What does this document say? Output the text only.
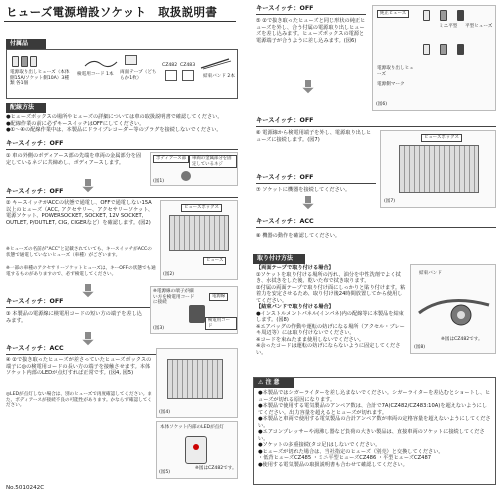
ヒューズ電源増設ソケット　取扱説明書
付属品
電源取り出しヒューズ（本体側15A/ソケット側10A）3種類 各1個
検電用コード 1本	両面テープ（どちらか1枚）
CZ482 CZ483
結束バンド 2本
配線方法
●ヒューズボックスの場所やヒューズの詳細については車の取扱説明書で確認してください。
●配線作業の前に必ずキースイッチはOFFにしてください。
●①～④の配線作業中は、本製品にドライブレコーダー等のプラグを接続しないでください。
キースイッチ：OFF
① 車の外側のボディアース部の先端を車両の金属部分を固定しているネジに共締めし、ボディアースします。
ボディアース部	車両の金属部分を固定しているネジ
(図1)
キースイッチ：OFF
② キースイッチがACCの状態で通電し、OFFで通電しない15A以上のヒューズ（ACC, アクセサリー、アクセサリーソケット、電源ソケット、POWERSOCKET, SOCKET, 12V SOCKET, OUTLET, P/OUTLET, CIG, CIGERなど）を確認します。(図2)
※ヒューズの名前が"ACC"と記載されていても、キースイッチがACCの状態で通電していないヒューズ（車種）がございます。
※一部の車種のアクセサリーソケットヒューズは、キーOFFの状態でも通電するものがありますので、必ず検電してください。
ヒューズボックス
ヒューズ
(図2)
キースイッチ：OFF
③ 本製品の電源線に検電用コードの短い方の端子を差し込みます。
※電源線の端子が細い方を検電用コードに接続
電源線
検電用コード
(図3)
キースイッチ：ACC
④ ②で抜き取ったヒューズが差さっていたヒューズボックスの端子に◎の検電用コードの長い方の端子を接触させます。本体ソケット内部のLEDが点灯すれば正常です。(図4, 図5)
◎LEDが点灯しない場合は、別のヒューズで再度確認してください。また、ボディアースが接続不良の可能性があります。かならず確認してください。
(図4)
本体ソケット内部のLEDが点灯
※図はCZ482です。
(図5)
No.5010242C
キースイッチ：OFF
⑤ ②で抜き取ったヒューズと同じ形状の純正ヒューズを外し、合う付属の電源取り出しヒューズを差し込みます。ヒューズボックスの電源と電源端子が合うように差し込みます。(図6)
純正ヒューズ
ミニ平型 平型ヒューズ
電源取り出しヒューズ
電源側マーク
(図6)
キースイッチ：OFF
⑥ 電源線から検電用端子を外し、電源取り出しヒューズに接続します。(図7)	ヒューズボックス
(図7)
キースイッチ：OFF
⑦ ソケットに機器を接続してください。
キースイッチ：ACC
⑧ 機器の動作を確認してください。
取り付け方法
【両面テープで取り付ける場合】
①ソケットを取り付ける場所の汚れ、油分を中性洗剤でよく拭き、水拭きをした後、乾いた布で拭き取ります。
②付属の両面テープで取り付け面にしっかりと貼り付けます。粘着力を安定させるため、取り付け後24時間放置してから使用してください。
【結束バンドで取り付ける場合】
●インストルメントパネル(インパネ)内の配線等に本製品を結束します。(図8)
※エアバッグの作動や運転の妨げになる場所（アクセル・ブレーキ周辺等）には取り付けないでください。
※コードを束ねたまま使用しないでください。
※余ったコードは運転の妨げにならないように固定してください。
結束バンド
※図はCZ482です。
(図8)
⚠ 注 意
●本製品ではシガーライターを差し込まないでください。シガーライターを差込むとショートし、ヒューズが切れる原因になります。
●本製品で使用する電気製品のアンペア数は、合計で7A(CZ482/CZ483:10A)を超えないようにしてください。出力容量を超えるとヒューズが切れます。
●本製品と車両で使用する電気製品の合計アンペア数が車両の定格容量を超えないようにしてください。
●エアコンプレッサーや湯沸し器など負荷の大きい製品は、直接車両のソケットに接続してください。
●ソケットの多重接続(タコ足)はしないでください。
●ヒューズが切れた場合は、当社指定のヒューズ（別売）と交換してください。
・低背ヒューズCZ485 ・ミニ平型ヒューズCZ486 ・平型ヒューズCZ487
●使用する電気製品の取扱説明書も合わせて確認してください。
